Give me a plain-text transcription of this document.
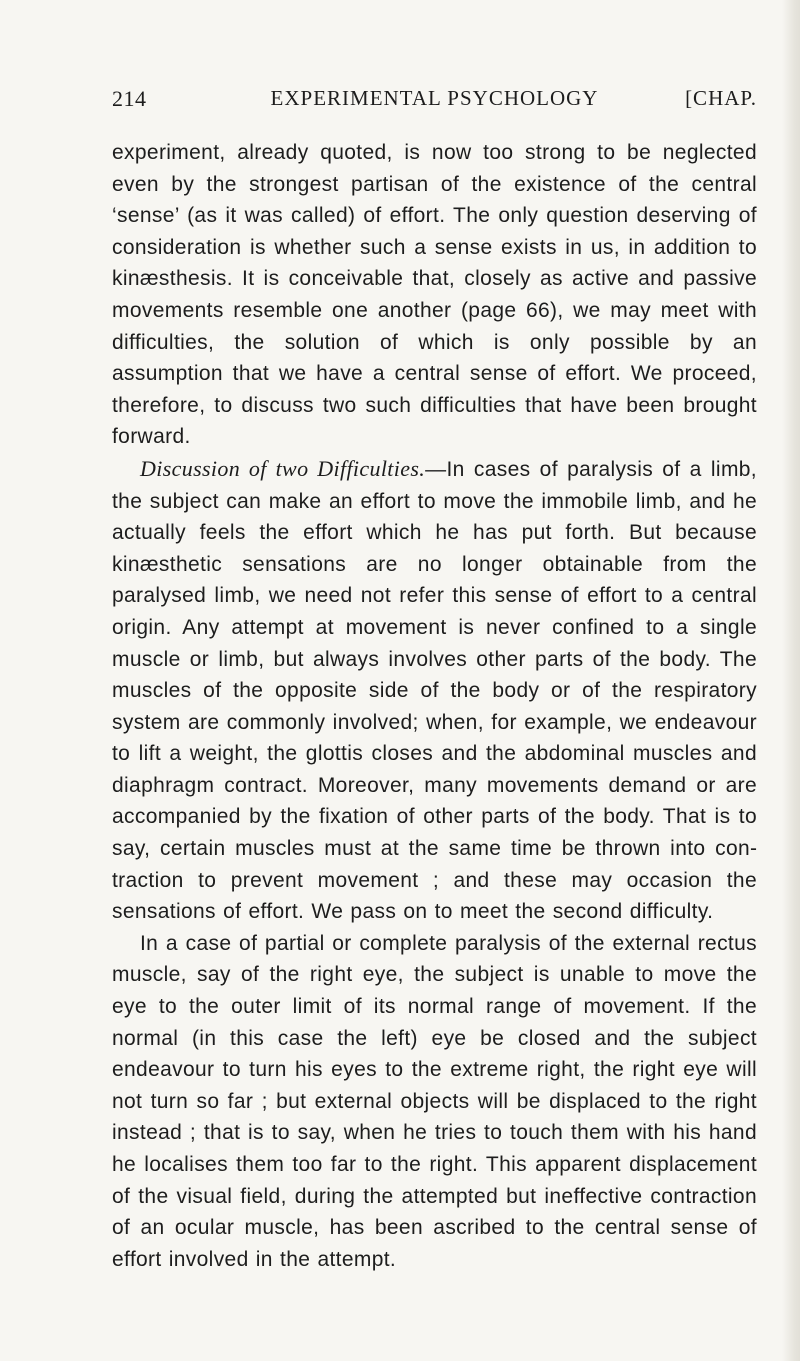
214	EXPERIMENTAL PSYCHOLOGY	[CHAP.

experiment, already quoted, is now too strong to be neglected even by the strongest partisan of the existence of the central ‘sense’ (as it was called) of effort. The only question deserving of consideration is whether such a sense exists in us, in addition to kinæsthesis. It is conceivable that, closely as active and passive movements resemble one another (page 66), we may meet with difficulties, the solution of which is only possible by an assumption that we have a central sense of effort. We proceed, therefore, to discuss two such difficulties that have been brought forward.

Discussion of two Difficulties.—In cases of paralysis of a limb, the subject can make an effort to move the immobile limb, and he actually feels the effort which he has put forth. But because kinæsthetic sensations are no longer obtainable from the paralysed limb, we need not refer this sense of effort to a central origin. Any attempt at movement is never confined to a single muscle or limb, but always involves other parts of the body. The muscles of the opposite side of the body or of the respiratory system are commonly involved; when, for example, we endeavour to lift a weight, the glottis closes and the abdominal muscles and diaphragm contract. Moreover, many movements demand or are accompanied by the fixation of other parts of the body. That is to say, certain muscles must at the same time be thrown into contraction to prevent movement ; and these may occasion the sensations of effort. We pass on to meet the second difficulty.

In a case of partial or complete paralysis of the external rectus muscle, say of the right eye, the subject is unable to move the eye to the outer limit of its normal range of movement. If the normal (in this case the left) eye be closed and the subject endeavour to turn his eyes to the extreme right, the right eye will not turn so far ; but external objects will be displaced to the right instead ; that is to say, when he tries to touch them with his hand he localises them too far to the right. This apparent displacement of the visual field, during the attempted but ineffective contraction of an ocular muscle, has been ascribed to the central sense of effort involved in the attempt.
